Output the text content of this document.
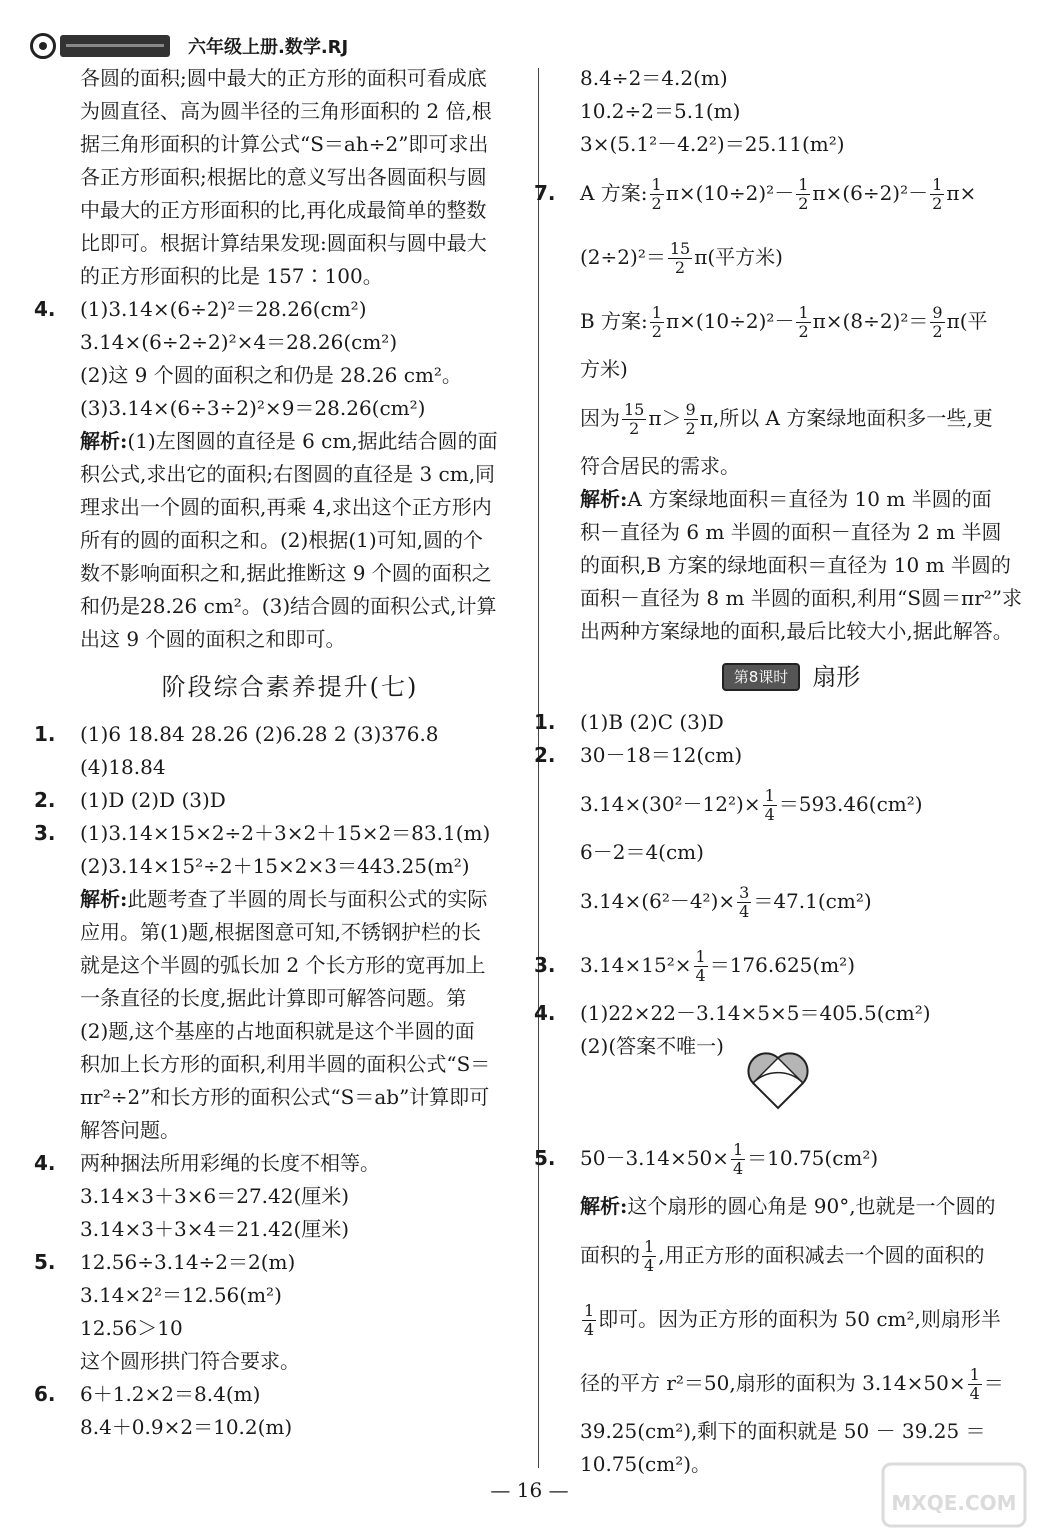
六年级上册.数学.RJ
各圆的面积;圆中最大的正方形的面积可看成底
为圆直径、高为圆半径的三角形面积的 2 倍,根
据三角形面积的计算公式“S＝ah÷2”即可求出
各正方形面积;根据比的意义写出各圆面积与圆
中最大的正方形面积的比,再化成最简单的整数
比即可。根据计算结果发现:圆面积与圆中最大
的正方形面积的比是 157∶100。
4. (1)3.14×(6÷2)²＝28.26(cm²)
3.14×(6÷2÷2)²×4＝28.26(cm²)
(2)这 9 个圆的面积之和仍是 28.26 cm²。
(3)3.14×(6÷3÷2)²×9＝28.26(cm²)
解析:(1)左图圆的直径是 6 cm,据此结合圆的面
积公式,求出它的面积;右图圆的直径是 3 cm,同
理求出一个圆的面积,再乘 4,求出这个正方形内
所有的圆的面积之和。(2)根据(1)可知,圆的个
数不影响面积之和,据此推断这 9 个圆的面积之
和仍是28.26 cm²。(3)结合圆的面积公式,计算
出这 9 个圆的面积之和即可。
阶段综合素养提升(七)
1. (1)6 18.84 28.26 (2)6.28 2 (3)376.8
(4)18.84
2. (1)D (2)D (3)D
3. (1)3.14×15×2÷2＋3×2＋15×2＝83.1(m)
(2)3.14×15²÷2＋15×2×3＝443.25(m²)
解析:此题考查了半圆的周长与面积公式的实际
应用。第(1)题,根据图意可知,不锈钢护栏的长
就是这个半圆的弧长加 2 个长方形的宽再加上
一条直径的长度,据此计算即可解答问题。第
(2)题,这个基座的占地面积就是这个半圆的面
积加上长方形的面积,利用半圆的面积公式“S＝
πr²÷2”和长方形的面积公式“S＝ab”计算即可
解答问题。
4. 两种捆法所用彩绳的长度不相等。
3.14×3＋3×6＝27.42(厘米)
3.14×3＋3×4＝21.42(厘米)
5. 12.56÷3.14÷2＝2(m)
3.14×2²＝12.56(m²)
12.56＞10
这个圆形拱门符合要求。
6. 6＋1.2×2＝8.4(m)
8.4＋0.9×2＝10.2(m)
8.4÷2＝4.2(m)
10.2÷2＝5.1(m)
3×(5.1²－4.2²)＝25.11(m²)
7. A 方案: $\frac{1}{2} \pi\times(10\div 2)^2- \frac{1}{2} \pi\times(6\div 2)^2- \frac{1}{2} \pi\times$
$(2\div 2)^2= \frac{15}{2} \pi$(平方米)
B 方案: $\frac{1}{2} \pi\times(10\div 2)^2- \frac{1}{2} \pi\times(8\div 2)^2= \frac{9}{2} \pi$(平
方米)
因为 $\frac{15}{2} \pi> \frac{9}{2} \pi$,所以 A 方案绿地面积多一些,更
符合居民的需求。
解析:A 方案绿地面积＝直径为 10 m 半圆的面
积－直径为 6 m 半圆的面积－直径为 2 m 半圆
的面积,B 方案的绿地面积＝直径为 10 m 半圆的
面积－直径为 8 m 半圆的面积,利用“S圆＝πr²”求
出两种方案绿地的面积,最后比较大小,据此解答。
第8课时	扇形
1. (1)B (2)C (3)D
2. 30－18＝12(cm)
$3.14\times(30^2-12^2)\times \frac{1}{4} =593.46(cm^2)$
6－2＝4(cm)
$3.14\times(6^2-4^2)\times \frac{3}{4} =47.1(cm^2)$
3. $3.14\times 15^2\times \frac{1}{4} =176.625(m^2)$
4. (1)22×22－3.14×5×5＝405.5(cm²)
(2)(答案不唯一)
5. $50-3.14\times 50\times \frac{1}{4} =10.75(cm^2)$
解析:这个扇形的圆心角是 90°,也就是一个圆的
面积的 $\frac{1}{4}$ ,用正方形的面积减去一个圆的面积的
$\frac{1}{4}$ 即可。因为正方形的面积为 50 cm²,则扇形半
径的平方 r²＝50,扇形的面积为 $3.14\times 50\times \frac{1}{4}$ ＝
39.25(cm²),剩下的面积就是 50 － 39.25 ＝
10.75(cm²)。
— 16 —
MXQE.COM
